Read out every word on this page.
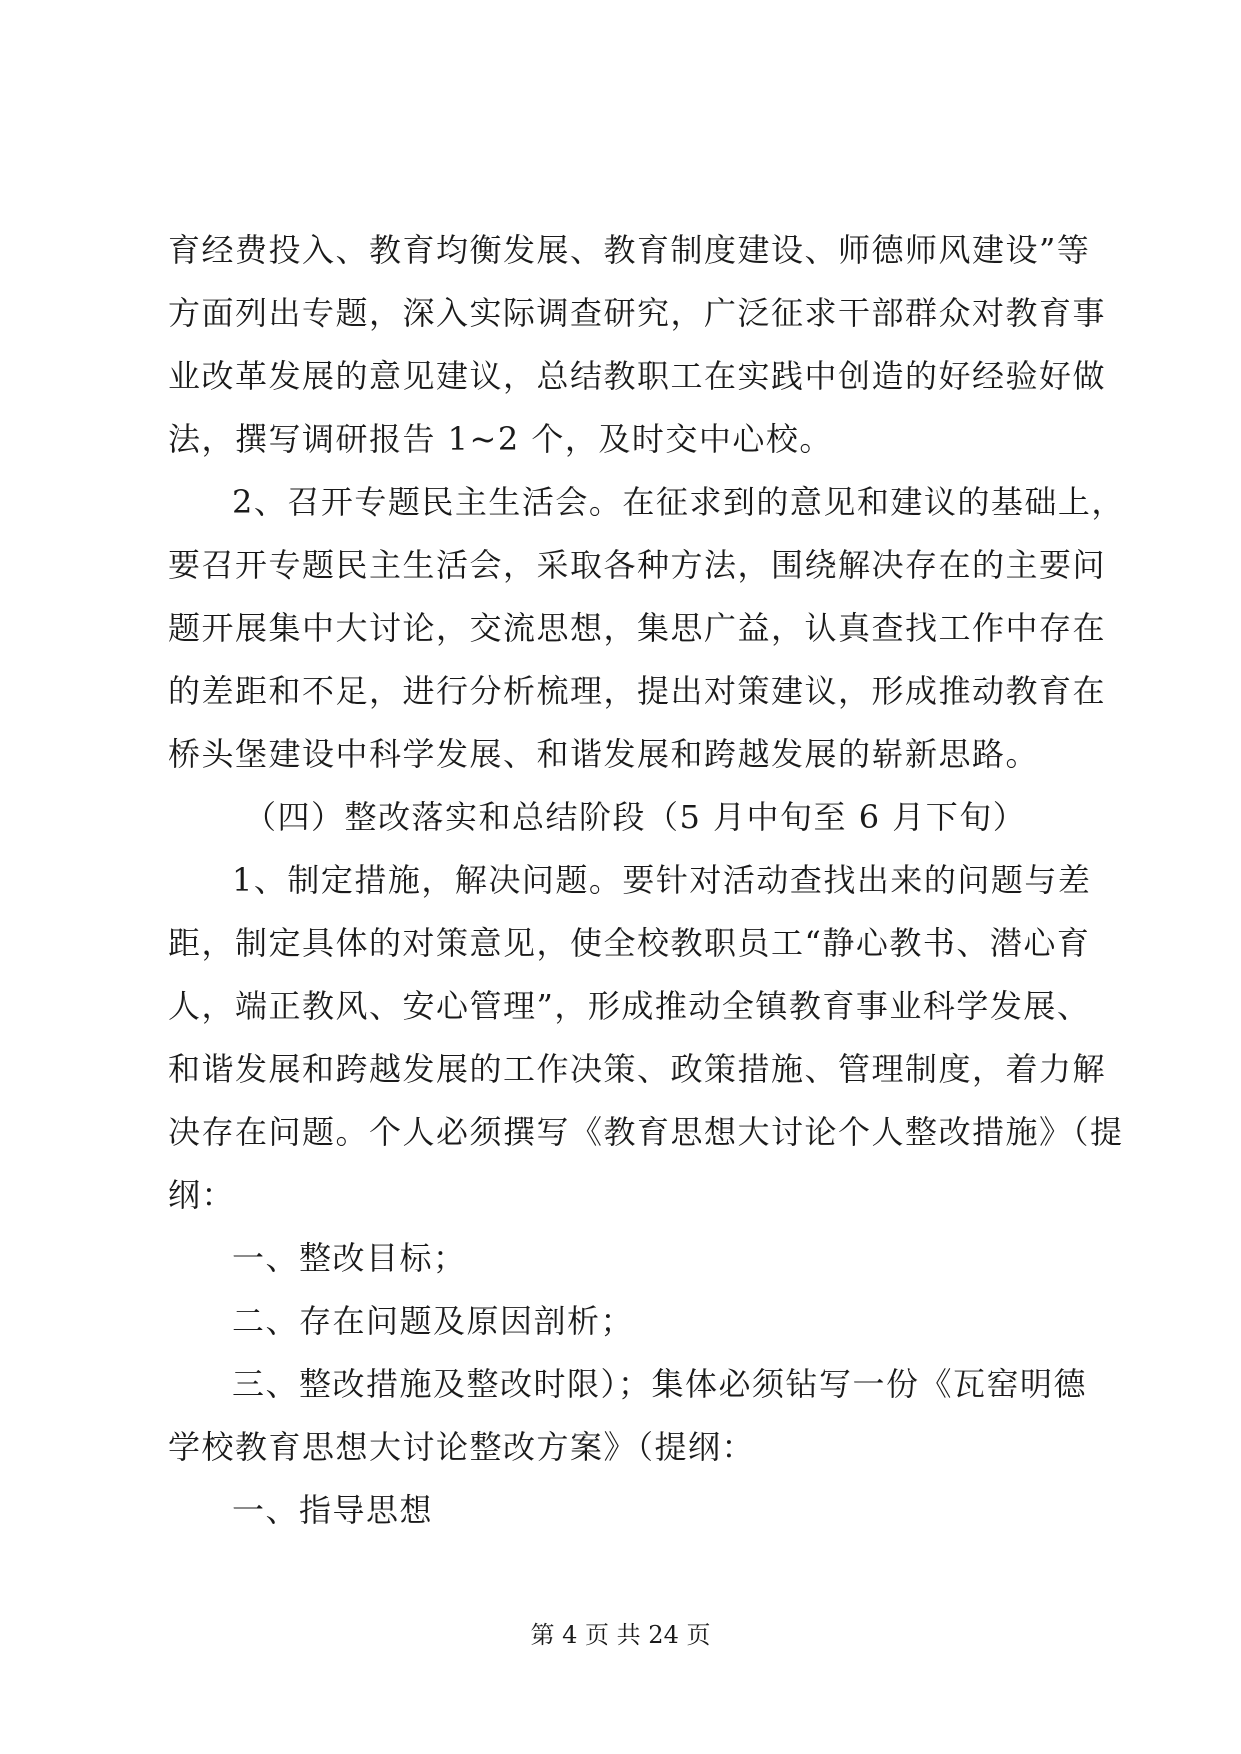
育经费投入、教育均衡发展、教育制度建设、师德师风建设”等
方面列出专题，深入实际调查研究，广泛征求干部群众对教育事
业改革发展的意见建议，总结教职工在实践中创造的好经验好做
法，撰写调研报告 1~2 个，及时交中心校。
2、召开专题民主生活会。在征求到的意见和建议的基础上，
要召开专题民主生活会，采取各种方法，围绕解决存在的主要问
题开展集中大讨论，交流思想，集思广益，认真查找工作中存在
的差距和不足，进行分析梳理，提出对策建议，形成推动教育在
桥头堡建设中科学发展、和谐发展和跨越发展的崭新思路。
（四）整改落实和总结阶段（5 月中旬至 6 月下旬）
1、制定措施，解决问题。要针对活动查找出来的问题与差
距，制定具体的对策意见，使全校教职员工“静心教书、潜心育
人，端正教风、安心管理”，形成推动全镇教育事业科学发展、
和谐发展和跨越发展的工作决策、政策措施、管理制度，着力解
决存在问题。个人必须撰写《教育思想大讨论个人整改措施》（提
纲：
一、整改目标；
二、存在问题及原因剖析；
三、整改措施及整改时限）；集体必须钻写一份《瓦窑明德
学校教育思想大讨论整改方案》（提纲：
一、指导思想
第 4 页 共 24 页
